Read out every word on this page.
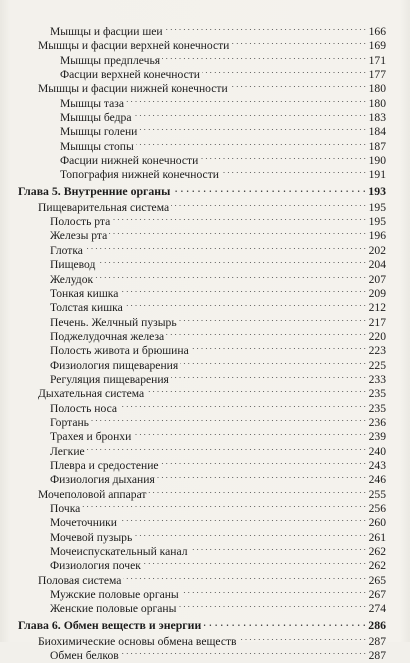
Мышцы и фасции шеи . . .	166
Мышцы и фасции верхней конечности . . .	169
Мышцы предплечья . . .	171
Фасции верхней конечности . . .	177
Мышцы и фасции нижней конечности . . .	180
Мышцы таза . . .	180
Мышцы бедра . . .	183
Мышцы голени . . .	184
Мышцы стопы . . .	187
Фасции нижней конечности . . .	190
Топография нижней конечности . . .	191
Глава 5. Внутренние органы . . .	193
Пищеварительная система . . .	195
Полость рта . . .	195
Железы рта . . .	196
Глотка . . .	202
Пищевод . . .	204
Желудок . . .	207
Тонкая кишка . . .	209
Толстая кишка . . .	212
Печень. Желчный пузырь . . .	217
Поджелудочная железа . . .	220
Полость живота и брюшина . . .	223
Физиология пищеварения . . .	225
Регуляция пищеварения . . .	233
Дыхательная система . . .	235
Полость носа . . .	235
Гортань . . .	236
Трахея и бронхи . . .	239
Легкие . . .	240
Плевра и средостение . . .	243
Физиология дыхания . . .	246
Мочеполовой аппарат . . .	255
Почка . . .	256
Мочеточники . . .	260
Мочевой пузырь . . .	261
Мочеиспускательный канал . . .	262
Физиология почек . . .	262
Половая система . . .	265
Мужские половые органы . . .	267
Женские половые органы . . .	274
Глава 6. Обмен веществ и энергии . . .	286
Биохимические основы обмена веществ . . .	287
Обмен белков . . .	287
